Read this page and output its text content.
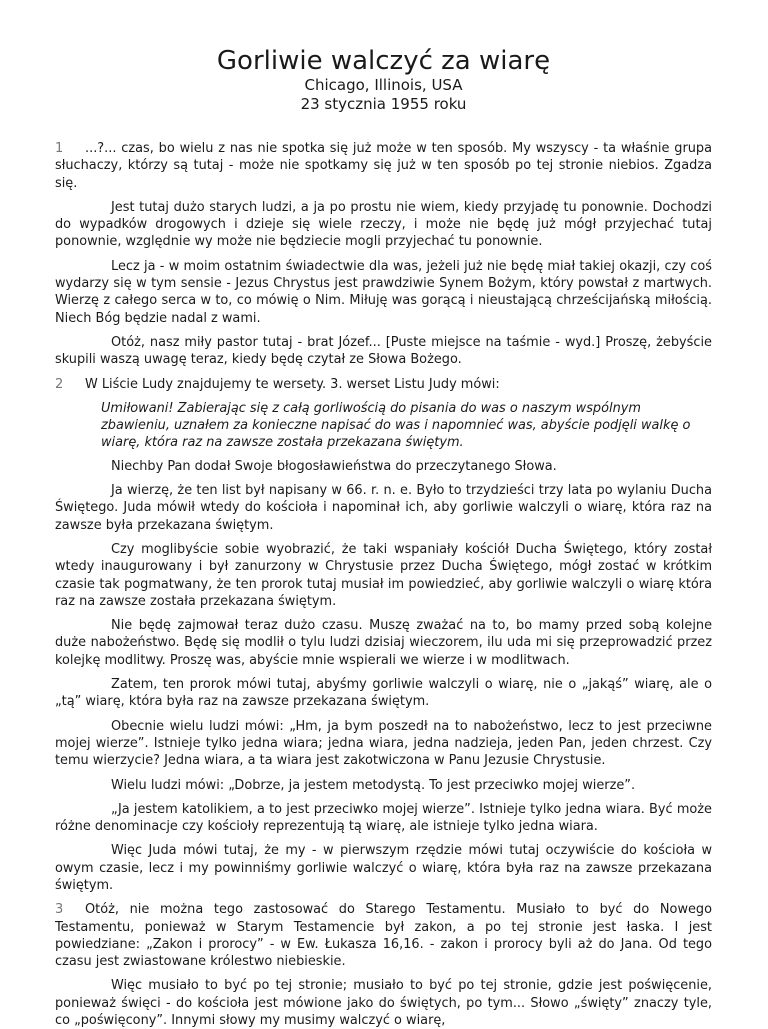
Gorliwie walczyć za wiarę

Chicago, Illinois, USA

23 stycznia 1955 roku

1 ...?... czas, bo wielu z nas nie spotka się już może w ten sposób. My wszyscy - ta właśnie grupa słuchaczy, którzy są tutaj - może nie spotkamy się już w ten sposób po tej stronie niebios. Zgadza się.

Jest tutaj dużo starych ludzi, a ja po prostu nie wiem, kiedy przyjadę tu ponownie. Dochodzi do wypadków drogowych i dzieje się wiele rzeczy, i może nie będę już mógł przyjechać tutaj ponownie, względnie wy może nie będziecie mogli przyjechać tu ponownie.

Lecz ja - w moim ostatnim świadectwie dla was, jeżeli już nie będę miał takiej okazji, czy coś wydarzy się w tym sensie - Jezus Chrystus jest prawdziwie Synem Bożym, który powstał z martwych. Wierzę z całego serca w to, co mówię o Nim. Miłuję was gorącą i nieustającą chrześcijańską miłością. Niech Bóg będzie nadal z wami.

Otóż, nasz miły pastor tutaj - brat Józef... [Puste miejsce na taśmie - wyd.] Proszę, żebyście skupili waszą uwagę teraz, kiedy będę czytał ze Słowa Bożego.

2 W Liście Ludy znajdujemy te wersety. 3. werset Listu Judy mówi:

Umiłowani! Zabierając się z całą gorliwością do pisania do was o naszym wspólnym zbawieniu, uznałem za konieczne napisać do was i napomnieć was, abyście podjęli walkę o wiarę, która raz na zawsze została przekazana świętym.

Niechby Pan dodał Swoje błogosławieństwa do przeczytanego Słowa.

Ja wierzę, że ten list był napisany w 66. r. n. e. Było to trzydzieści trzy lata po wylaniu Ducha Świętego. Juda mówił wtedy do kościoła i napominał ich, aby gorliwie walczyli o wiarę, która raz na zawsze była przekazana świętym.

Czy moglibyście sobie wyobrazić, że taki wspaniały kościół Ducha Świętego, który został wtedy inaugurowany i był zanurzony w Chrystusie przez Ducha Świętego, mógł zostać w krótkim czasie tak pogmatwany, że ten prorok tutaj musiał im powiedzieć, aby gorliwie walczyli o wiarę która raz na zawsze została przekazana świętym.

Nie będę zajmował teraz dużo czasu. Muszę zważać na to, bo mamy przed sobą kolejne duże nabożeństwo. Będę się modlił o tylu ludzi dzisiaj wieczorem, ilu uda mi się przeprowadzić przez kolejkę modlitwy. Proszę was, abyście mnie wspierali we wierze i w modlitwach.

Zatem, ten prorok mówi tutaj, abyśmy gorliwie walczyli o wiarę, nie o „jakąś” wiarę, ale o „tą” wiarę, która była raz na zawsze przekazana świętym.

Obecnie wielu ludzi mówi: „Hm, ja bym poszedł na to nabożeństwo, lecz to jest przeciwne mojej wierze”. Istnieje tylko jedna wiara; jedna wiara, jedna nadzieja, jeden Pan, jeden chrzest. Czy temu wierzycie? Jedna wiara, a ta wiara jest zakotwiczona w Panu Jezusie Chrystusie.

Wielu ludzi mówi: „Dobrze, ja jestem metodystą. To jest przeciwko mojej wierze”.

„Ja jestem katolikiem, a to jest przeciwko mojej wierze”. Istnieje tylko jedna wiara. Być może różne denominacje czy kościoły reprezentują tą wiarę, ale istnieje tylko jedna wiara.

Więc Juda mówi tutaj, że my - w pierwszym rzędzie mówi tutaj oczywiście do kościoła w owym czasie, lecz i my powinniśmy gorliwie walczyć o wiarę, która była raz na zawsze przekazana świętym.

3 Otóż, nie można tego zastosować do Starego Testamentu. Musiało to być do Nowego Testamentu, ponieważ w Starym Testamencie był zakon, a po tej stronie jest łaska. I jest powiedziane: „Zakon i prorocy” - w Ew. Łukasza 16,16. - zakon i prorocy byli aż do Jana. Od tego czasu jest zwiastowane królestwo niebieskie.

Więc musiało to być po tej stronie; musiało to być po tej stronie, gdzie jest poświęcenie, ponieważ święci - do kościoła jest mówione jako do świętych, po tym... Słowo „święty” znaczy tyle, co „poświęcony”. Innymi słowy my musimy walczyć o wiarę,
